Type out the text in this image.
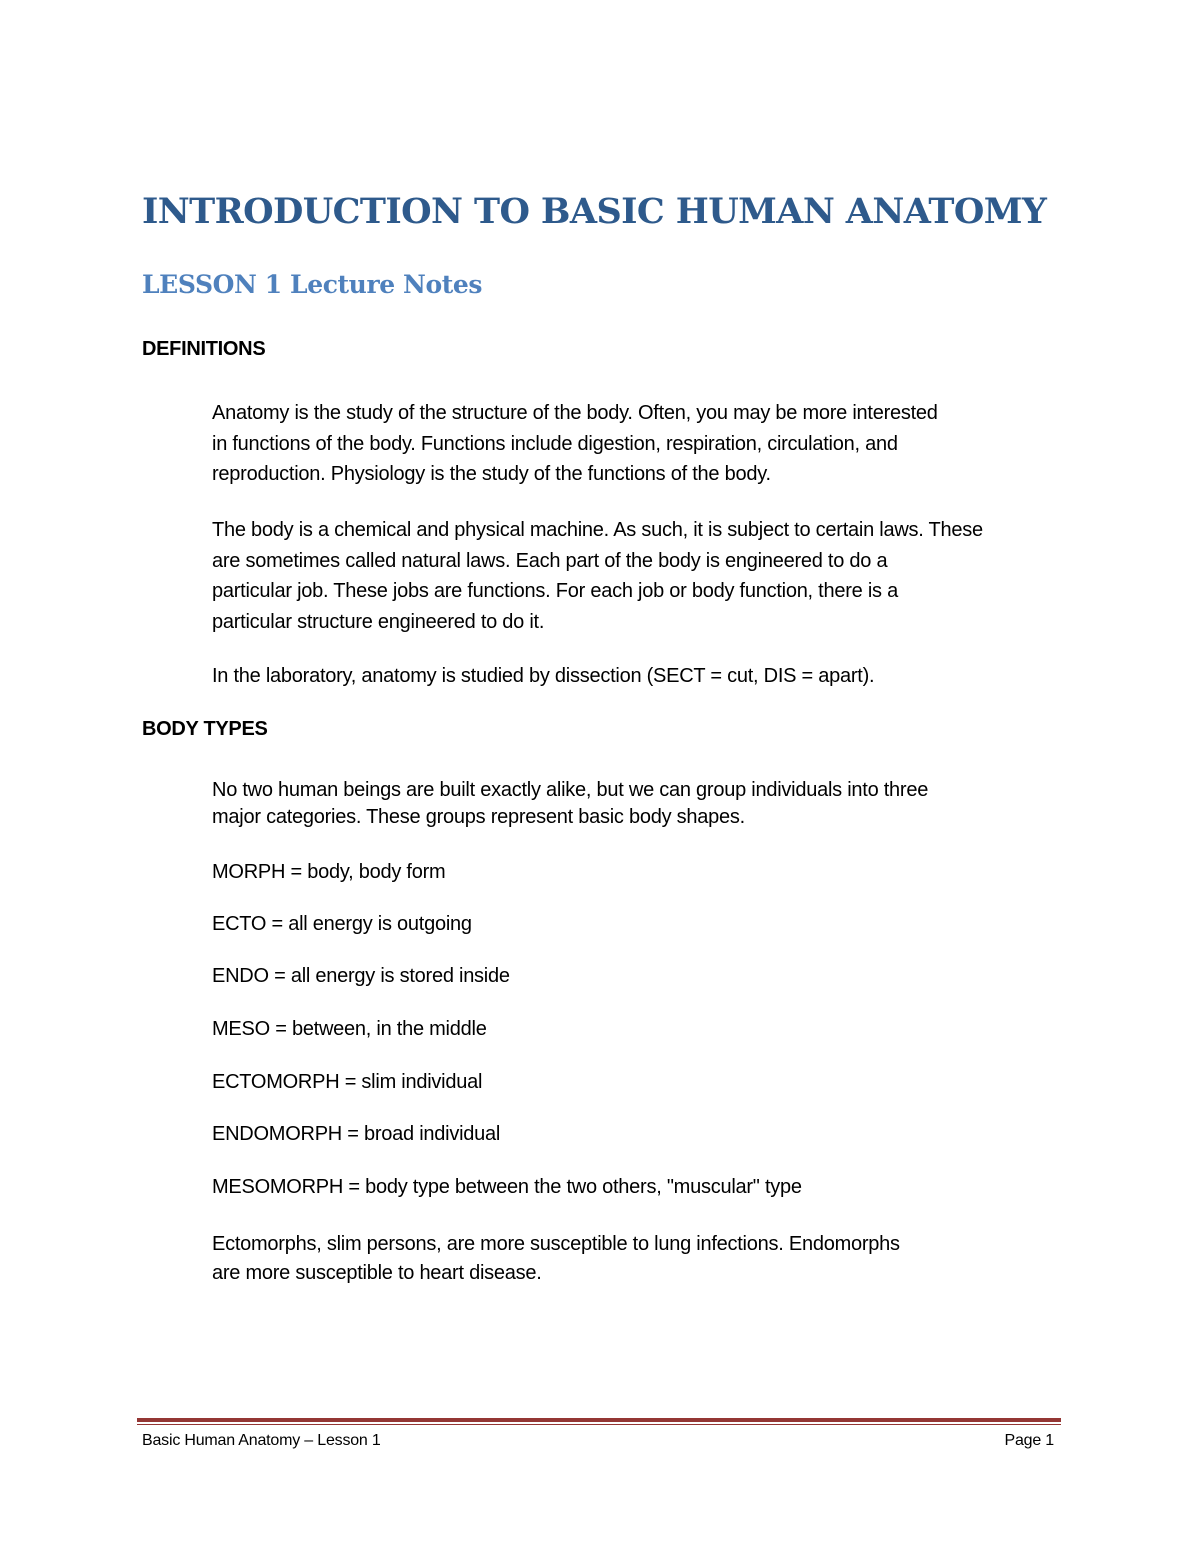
INTRODUCTION TO BASIC HUMAN ANATOMY
LESSON 1 Lecture Notes
DEFINITIONS

Anatomy is the study of the structure of the body. Often, you may be more interested
in functions of the body. Functions include digestion, respiration, circulation, and
reproduction. Physiology is the study of the functions of the body.

The body is a chemical and physical machine. As such, it is subject to certain laws. These
are sometimes called natural laws. Each part of the body is engineered to do a
particular job. These jobs are functions. For each job or body function, there is a
particular structure engineered to do it.

In the laboratory, anatomy is studied by dissection (SECT = cut, DIS = apart).

BODY TYPES

No two human beings are built exactly alike, but we can group individuals into three
major categories. These groups represent basic body shapes.

MORPH = body, body form

ECTO = all energy is outgoing

ENDO = all energy is stored inside

MESO = between, in the middle

ECTOMORPH = slim individual

ENDOMORPH = broad individual

MESOMORPH = body type between the two others, "muscular" type

Ectomorphs, slim persons, are more susceptible to lung infections. Endomorphs
are more susceptible to heart disease.

Basic Human Anatomy – Lesson 1	Page 1
